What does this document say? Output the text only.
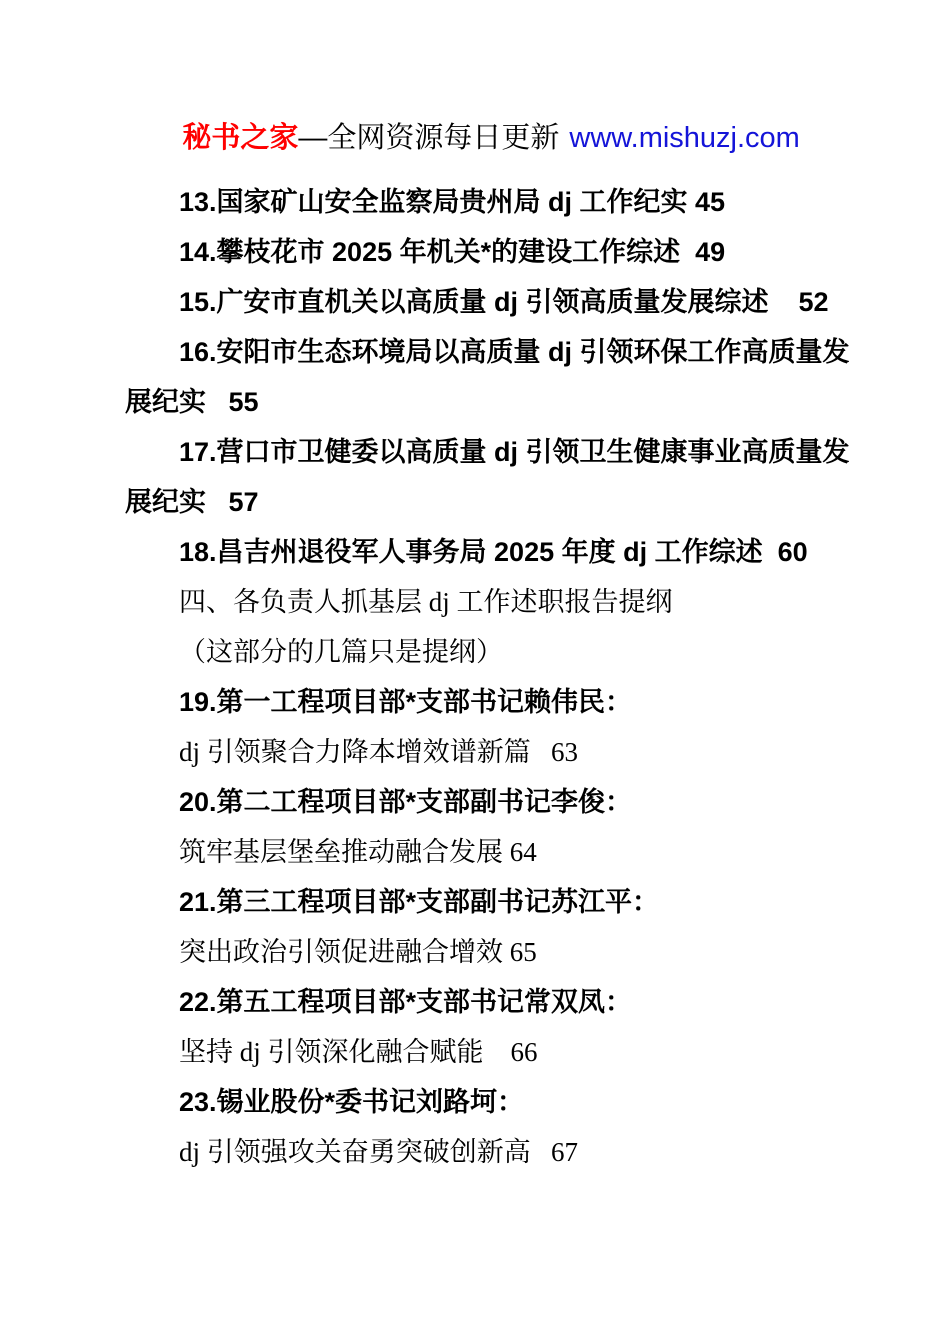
秘书之家—全网资源每日更新 www.mishuzj.com

13.国家矿山安全监察局贵州局 dj 工作纪实 45
14.攀枝花市 2025 年机关*的建设工作综述  49
15.广安市直机关以高质量 dj 引领高质量发展综述    52
16.安阳市生态环境局以高质量 dj 引领环保工作高质量发
展纪实   55
17.营口市卫健委以高质量 dj 引领卫生健康事业高质量发
展纪实   57
18.昌吉州退役军人事务局 2025 年度 dj 工作综述  60
四、各负责人抓基层 dj 工作述职报告提纲
（这部分的几篇只是提纲）
19.第一工程项目部*支部书记赖伟民：
dj 引领聚合力降本增效谱新篇   63
20.第二工程项目部*支部副书记李俊：
筑牢基层堡垒推动融合发展 64
21.第三工程项目部*支部副书记苏江平：
突出政治引领促进融合增效 65
22.第五工程项目部*支部书记常双凤：
坚持 dj 引领深化融合赋能    66
23.锡业股份*委书记刘路坷：
dj 引领强攻关奋勇突破创新高   67
